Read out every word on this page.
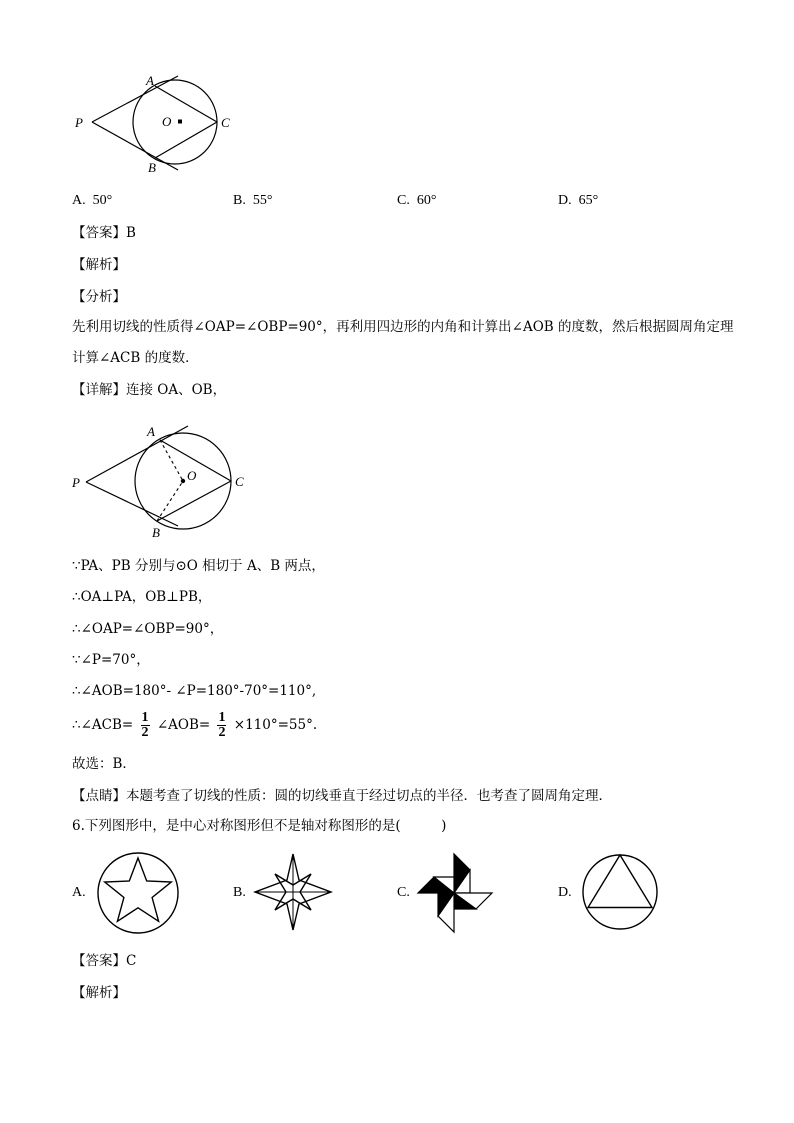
A
P	O	C
B
A. 50°	B. 55°	C. 60°	D. 65°
【答案】B
【解析】
【分析】
先利用切线的性质得∠OAP=∠OBP=90°，再利用四边形的内角和计算出∠AOB 的度数，然后根据圆周角定理
计算∠ACB 的度数．
【详解】连接 OA、OB，
A
P	O	C
B
∵PA、PB 分别与⊙O 相切于 A、B 两点，
∴OA⊥PA，OB⊥PB，
∴∠OAP=∠OBP=90°，
∵∠P=70°，
∴∠AOB=180°- ∠P=180°-70°=110°,
∴∠ACB= $\frac{1}{2}$ ∠AOB= $\frac{1}{2} \times 110^\circ=55^\circ$.
故选：B．
【点睛】本题考查了切线的性质：圆的切线垂直于经过切点的半径．也考查了圆周角定理．
6.下列图形中，是中心对称图形但不是轴对称图形的是(　　　)
A.	B.	C.	D.
【答案】C
【解析】
